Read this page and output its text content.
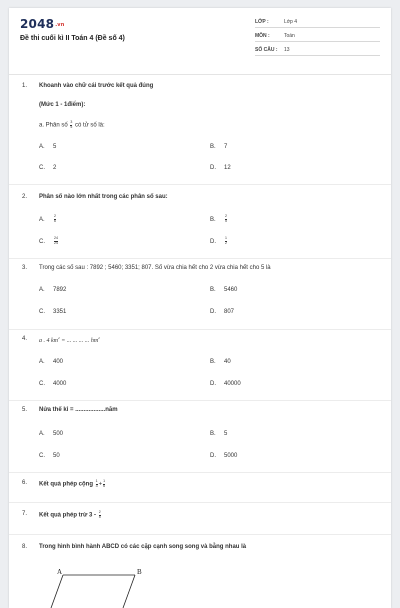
2048.vn
Đề thi cuối kì II Toán 4 (Đề số 4)
LỚP :	Lớp 4
MÔN :	Toán
SỐ CÂU : 13
1.	Khoanh vào chữ cái trước kết quả đúng
(Mức 1 - 1điểm):
a. Phân số $\frac{3}{5}$ có tử số là:
A. 5	B. 7
C. 2	D. 12
2.	Phân số nào lớn nhất trong các phân số sau:
A.	$\frac{2}{6}$	B.	$\frac{2}{5}$
C.	$\frac{24}{24}$	D.	$\frac{1}{2}$
3.	Trong các số sau : 7892 ; 5460; 3351; 807. Số vừa chia hết cho 2 vừa chia hết cho 5 là
A. 7892	B. 5460
C. 3351	D. 807
4.	a . 4 $km^2$ = ... ... ... ... $hm^2$
A. 400	B. 40
C. 4000	D. 40000
5.	Nửa thế kỉ = ..................năm
A. 500	B. 5
C. 50	D. 5000
6.	Kết quả phép cộng $\frac{1}{3} + \frac{1}{6}$
7.	Kết quả phép trừ $3 - \frac{2}{5}$
8.	Trong hình bình hành ABCD có các cặp cạnh song song và bằng nhau là
A	B
